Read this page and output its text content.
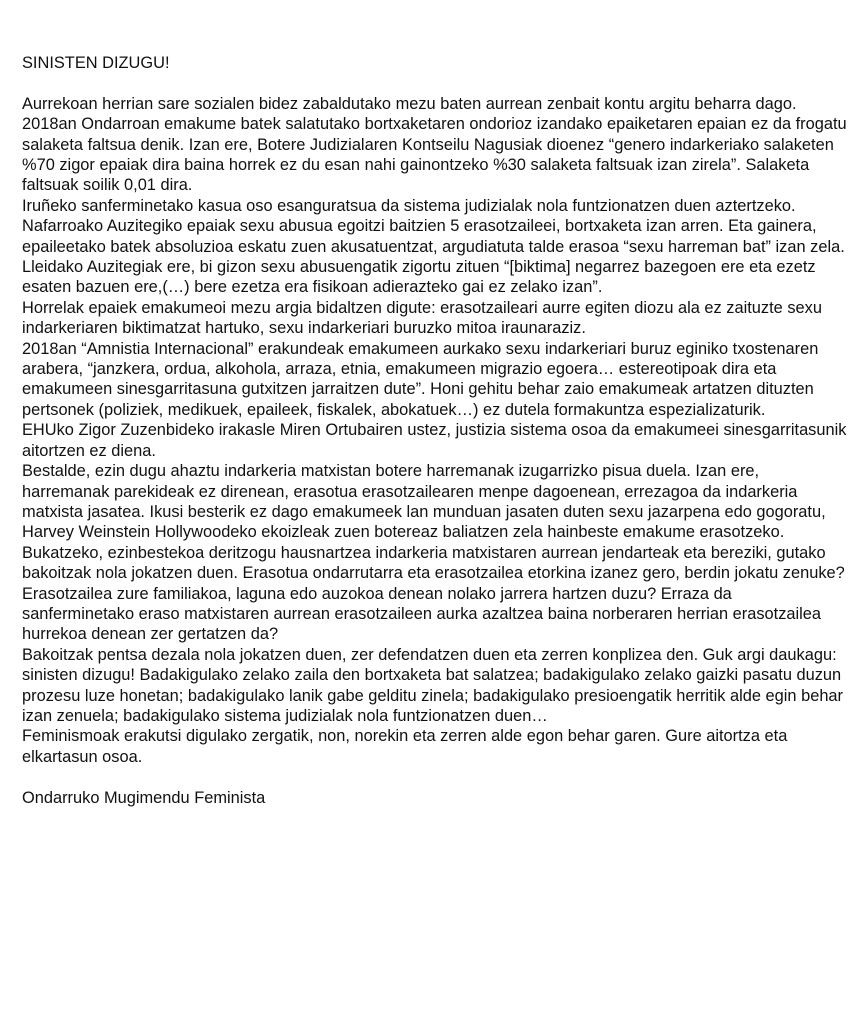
SINISTEN DIZUGU!

Aurrekoan herrian sare sozialen bidez zabaldutako mezu baten aurrean zenbait kontu argitu beharra dago.

2018an Ondarroan emakume batek salatutako bortxaketaren ondorioz izandako epaiketaren epaian ez da frogatu salaketa faltsua denik. Izan ere, Botere Judizialaren Kontseilu Nagusiak dioenez “genero indarkeriako salaketen %70 zigor epaiak dira baina horrek ez du esan nahi gainontzeko %30 salaketa faltsuak izan zirela”. Salaketa faltsuak soilik 0,01 dira.

Iruñeko sanferminetako kasua oso esanguratsua da sistema judizialak nola funtzionatzen duen aztertzeko. Nafarroako Auzitegiko epaiak sexu abusua egoitzi baitzien 5 erasotzaileei, bortxaketa izan arren. Eta gainera, epaileetako batek absoluzioa eskatu zuen akusatuentzat, argudiatuta talde erasoa “sexu harreman bat” izan zela. Lleidako Auzitegiak ere, bi gizon sexu abusuengatik zigortu zituen “[biktima] negarrez bazegoen ere eta ezetz esaten bazuen ere,(…) bere ezetza era fisikoan adierazteko gai ez zelako izan”.

Horrelak epaiek emakumeoi mezu argia bidaltzen digute: erasotzaileari aurre egiten diozu ala ez zaituzte sexu indarkeriaren biktimatzat hartuko, sexu indarkeriari buruzko mitoa iraunaraziz.

2018an “Amnistia Internacional” erakundeak emakumeen aurkako sexu indarkeriari buruz eginiko txostenaren arabera, “janzkera, ordua, alkohola, arraza, etnia, emakumeen migrazio egoera… estereotipoak dira eta emakumeen sinesgarritasuna gutxitzen jarraitzen dute”. Honi gehitu behar zaio emakumeak artatzen dituzten pertsonek (poliziek, medikuek, epaileek, fiskalek, abokatuek…) ez dutela formakuntza espezializaturik.

EHUko Zigor Zuzenbideko irakasle Miren Ortubairen ustez, justizia sistema osoa da emakumeei sinesgarritasunik aitortzen ez diena.

Bestalde, ezin dugu ahaztu indarkeria matxistan botere harremanak izugarrizko pisua duela. Izan ere, harremanak parekideak ez direnean, erasotua erasotzailearen menpe dagoenean, errezagoa da indarkeria matxista jasatea. Ikusi besterik ez dago emakumeek lan munduan jasaten duten sexu jazarpena edo gogoratu, Harvey Weinstein Hollywoodeko ekoizleak zuen botereaz baliatzen zela hainbeste emakume erasotzeko.

Bukatzeko, ezinbestekoa deritzogu hausnartzea indarkeria matxistaren aurrean jendarteak eta bereziki, gutako bakoitzak nola jokatzen duen. Erasotua ondarrutarra eta erasotzailea etorkina izanez gero, berdin jokatu zenuke? Erasotzailea zure familiakoa, laguna edo auzokoa denean nolako jarrera hartzen duzu? Erraza da sanferminetako eraso matxistaren aurrean erasotzaileen aurka azaltzea baina norberaren herrian erasotzailea hurrekoa denean zer gertatzen da?

Bakoitzak pentsa dezala nola jokatzen duen, zer defendatzen duen eta zerren konplizea den. Guk argi daukagu: sinisten dizugu! Badakigulako zelako zaila den bortxaketa bat salatzea; badakigulako zelako gaizki pasatu duzun prozesu luze honetan; badakigulako lanik gabe gelditu zinela; badakigulako presioengatik herritik alde egin behar izan zenuela; badakigulako sistema judizialak nola funtzionatzen duen…

Feminismoak erakutsi digulako zergatik, non, norekin eta zerren alde egon behar garen. Gure aitortza eta elkartasun osoa.

Ondarruko Mugimendu Feminista
